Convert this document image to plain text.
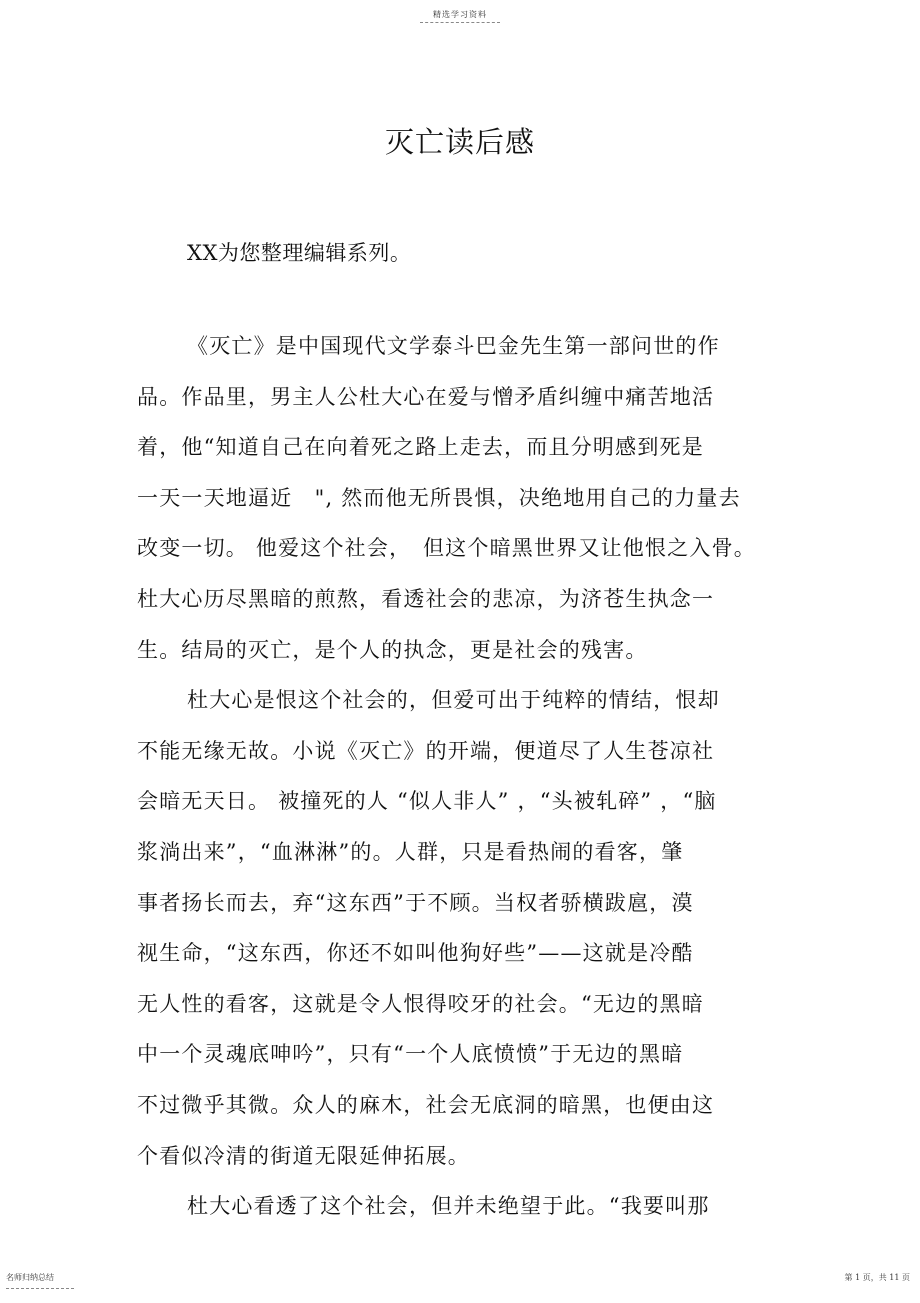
精选学习资料
灭亡读后感
XX为您整理编辑系列。
《灭亡》是中国现代文学泰斗巴金先生第一部问世的作
品。作品里，男主人公杜大心在爱与憎矛盾纠缠中痛苦地活
着，他“知道自己在向着死之路上走去，而且分明感到死是
一天一天地逼近　", 然而他无所畏惧，决绝地用自己的力量去
改变一切。 他爱这个社会，　但这个暗黑世界又让他恨之入骨。
杜大心历尽黑暗的煎熬，看透社会的悲凉，为济苍生执念一
生。结局的灭亡，是个人的执念，更是社会的残害。
杜大心是恨这个社会的，但爱可出于纯粹的情结，恨却
不能无缘无故。小说《灭亡》的开端，便道尽了人生苍凉社
会暗无天日。 被撞死的人 “似人非人” ，“头被轧碎” ，“脑
浆淌出来”，“血淋淋”的。人群，只是看热闹的看客，肇
事者扬长而去，弃“这东西”于不顾。当权者骄横跋扈，漠
视生命，“这东西，你还不如叫他狗好些”——这就是冷酷
无人性的看客，这就是令人恨得咬牙的社会。“无边的黑暗
中一个灵魂底呻吟”，只有“一个人底愤愤”于无边的黑暗
不过微乎其微。众人的麻木，社会无底洞的暗黑，也便由这
个看似冷清的街道无限延伸拓展。
杜大心看透了这个社会，但并未绝望于此。“我要叫那
名师归纳总结	第 1 页，共 11 页
